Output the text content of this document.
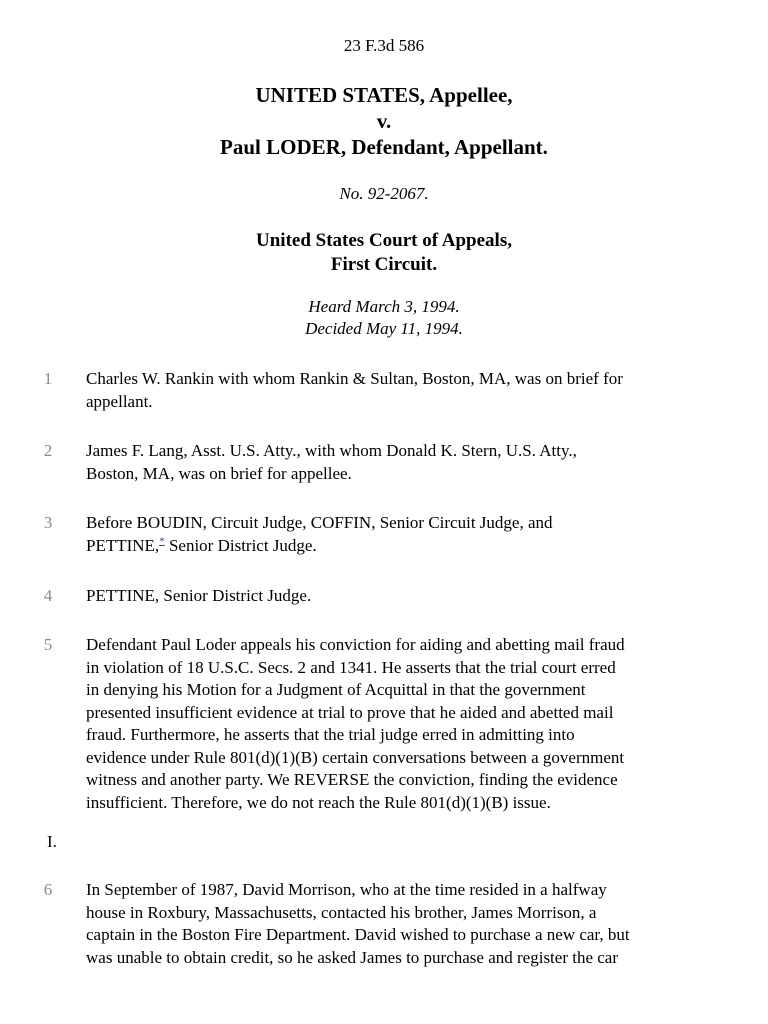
23 F.3d 586
UNITED STATES, Appellee,
v.
Paul LODER, Defendant, Appellant.
No. 92-2067.
United States Court of Appeals,
First Circuit.
Heard March 3, 1994.
Decided May 11, 1994.
1	Charles W. Rankin with whom Rankin & Sultan, Boston, MA, was on brief for
appellant.
2	James F. Lang, Asst. U.S. Atty., with whom Donald K. Stern, U.S. Atty.,
Boston, MA, was on brief for appellee.
3	Before BOUDIN, Circuit Judge, COFFIN, Senior Circuit Judge, and
PETTINE,* Senior District Judge.
4	PETTINE, Senior District Judge.
5	Defendant Paul Loder appeals his conviction for aiding and abetting mail fraud
in violation of 18 U.S.C. Secs. 2 and 1341. He asserts that the trial court erred
in denying his Motion for a Judgment of Acquittal in that the government
presented insufficient evidence at trial to prove that he aided and abetted mail
fraud. Furthermore, he asserts that the trial judge erred in admitting into
evidence under Rule 801(d)(1)(B) certain conversations between a government
witness and another party. We REVERSE the conviction, finding the evidence
insufficient. Therefore, we do not reach the Rule 801(d)(1)(B) issue.
I.
6	In September of 1987, David Morrison, who at the time resided in a halfway
house in Roxbury, Massachusetts, contacted his brother, James Morrison, a
captain in the Boston Fire Department. David wished to purchase a new car, but
was unable to obtain credit, so he asked James to purchase and register the car
